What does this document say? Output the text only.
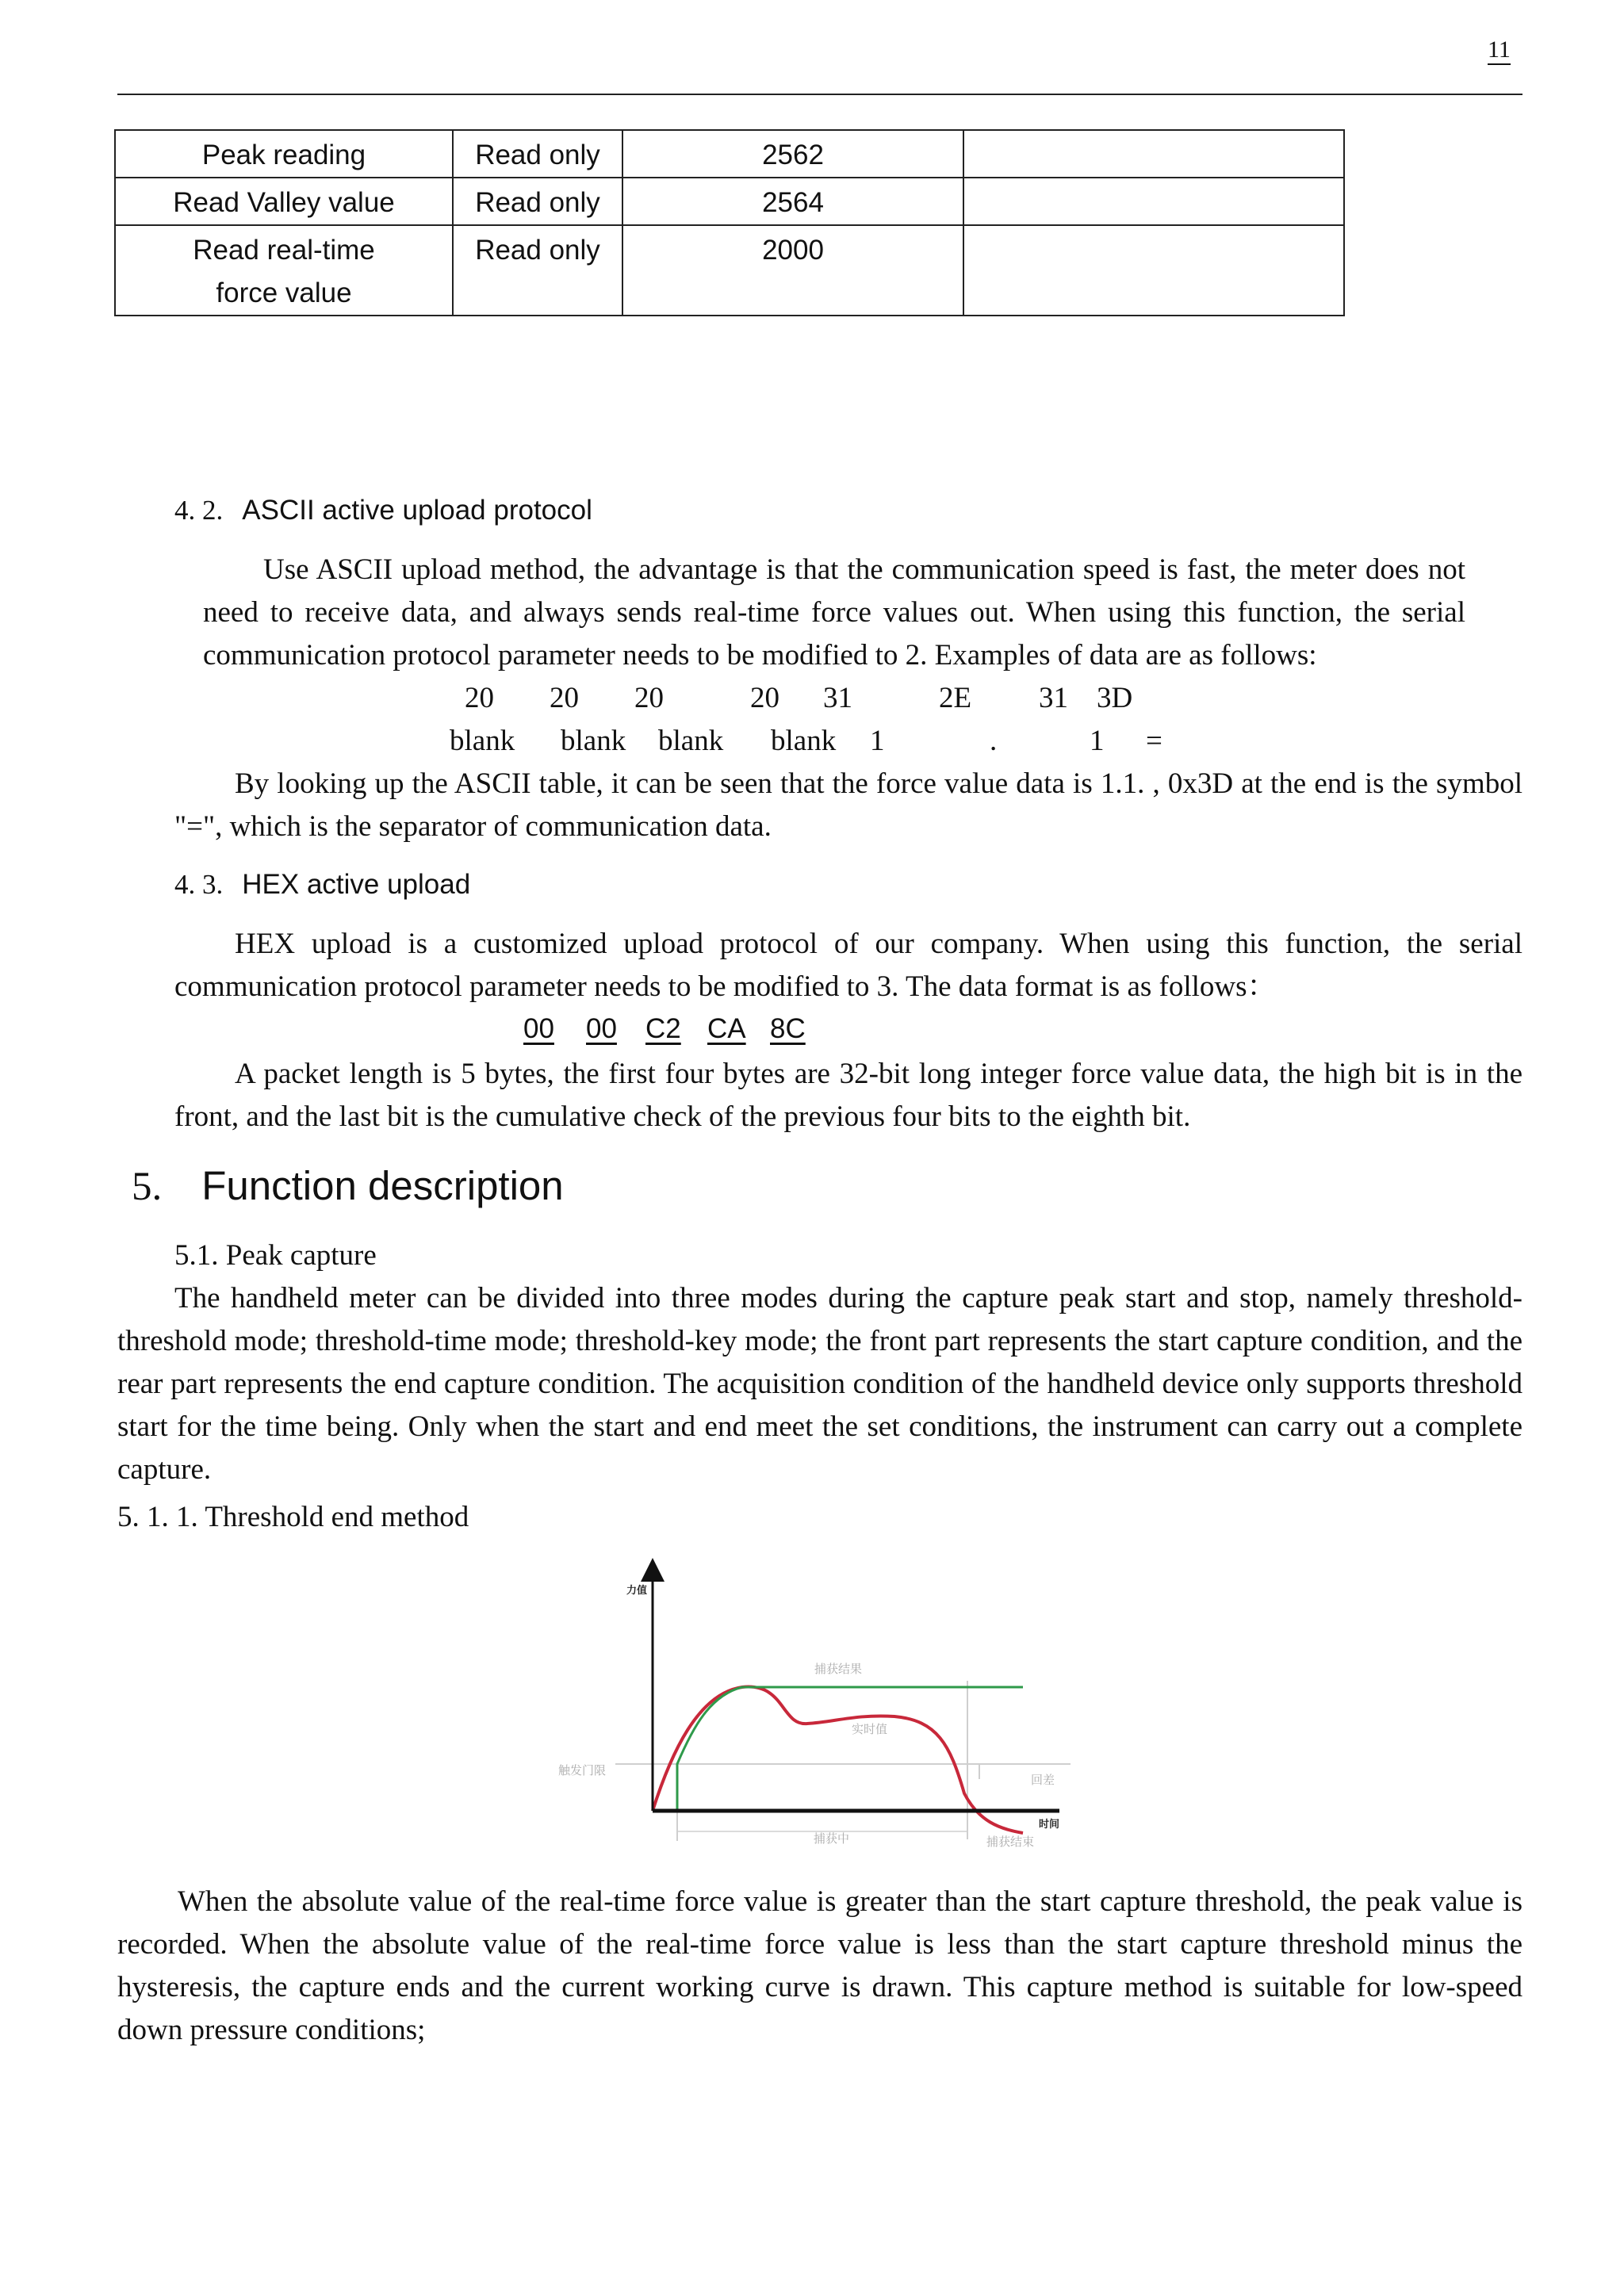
11
Peak reading	Read only	2562	
Read Valley value	Read only	2564	

Read real-time
force value	Read only	2000	
4. 2. ASCII active upload protocol
Use ASCII upload method, the advantage is that the communication speed is fast, the meter does not need to receive data, and always sends real-time force values out. When using this function, the serial communication protocol parameter needs to be modified to 2. Examples of data are as follows:
20 20 20	20 31	2E 31 3D
blank blank blank blank 1	.	1 =
By looking up the ASCII table, it can be seen that the force value data is 1.1. , 0x3D at the end is the symbol "=", which is the separator of communication data.
4. 3. HEX active upload
HEX upload is a customized upload protocol of our company. When using this function, the serial communication protocol parameter needs to be modified to 3. The data format is as follows：
00 00 C2 CA 8C
A packet length is 5 bytes, the first four bytes are 32-bit long integer force value data, the high bit is in the front, and the last bit is the cumulative check of the previous four bits to the eighth bit.
5. Function description
5.1. Peak capture
The handheld meter can be divided into three modes during the capture peak start and stop, namely threshold-threshold mode; threshold-time mode; threshold-key mode; the front part represents the start capture condition, and the rear part represents the end capture condition. The acquisition condition of the handheld device only supports threshold start for the time being. Only when the start and end meet the set conditions, the instrument can carry out a complete capture.
5. 1. 1. Threshold end method
力值
时间
捕获结果
实时值
触发门限
回差
捕获中	捕获结束
When the absolute value of the real-time force value is greater than the start capture threshold, the peak value is recorded. When the absolute value of the real-time force value is less than the start capture threshold minus the hysteresis, the capture ends and the current working curve is drawn. This capture method is suitable for low-speed down pressure conditions;
